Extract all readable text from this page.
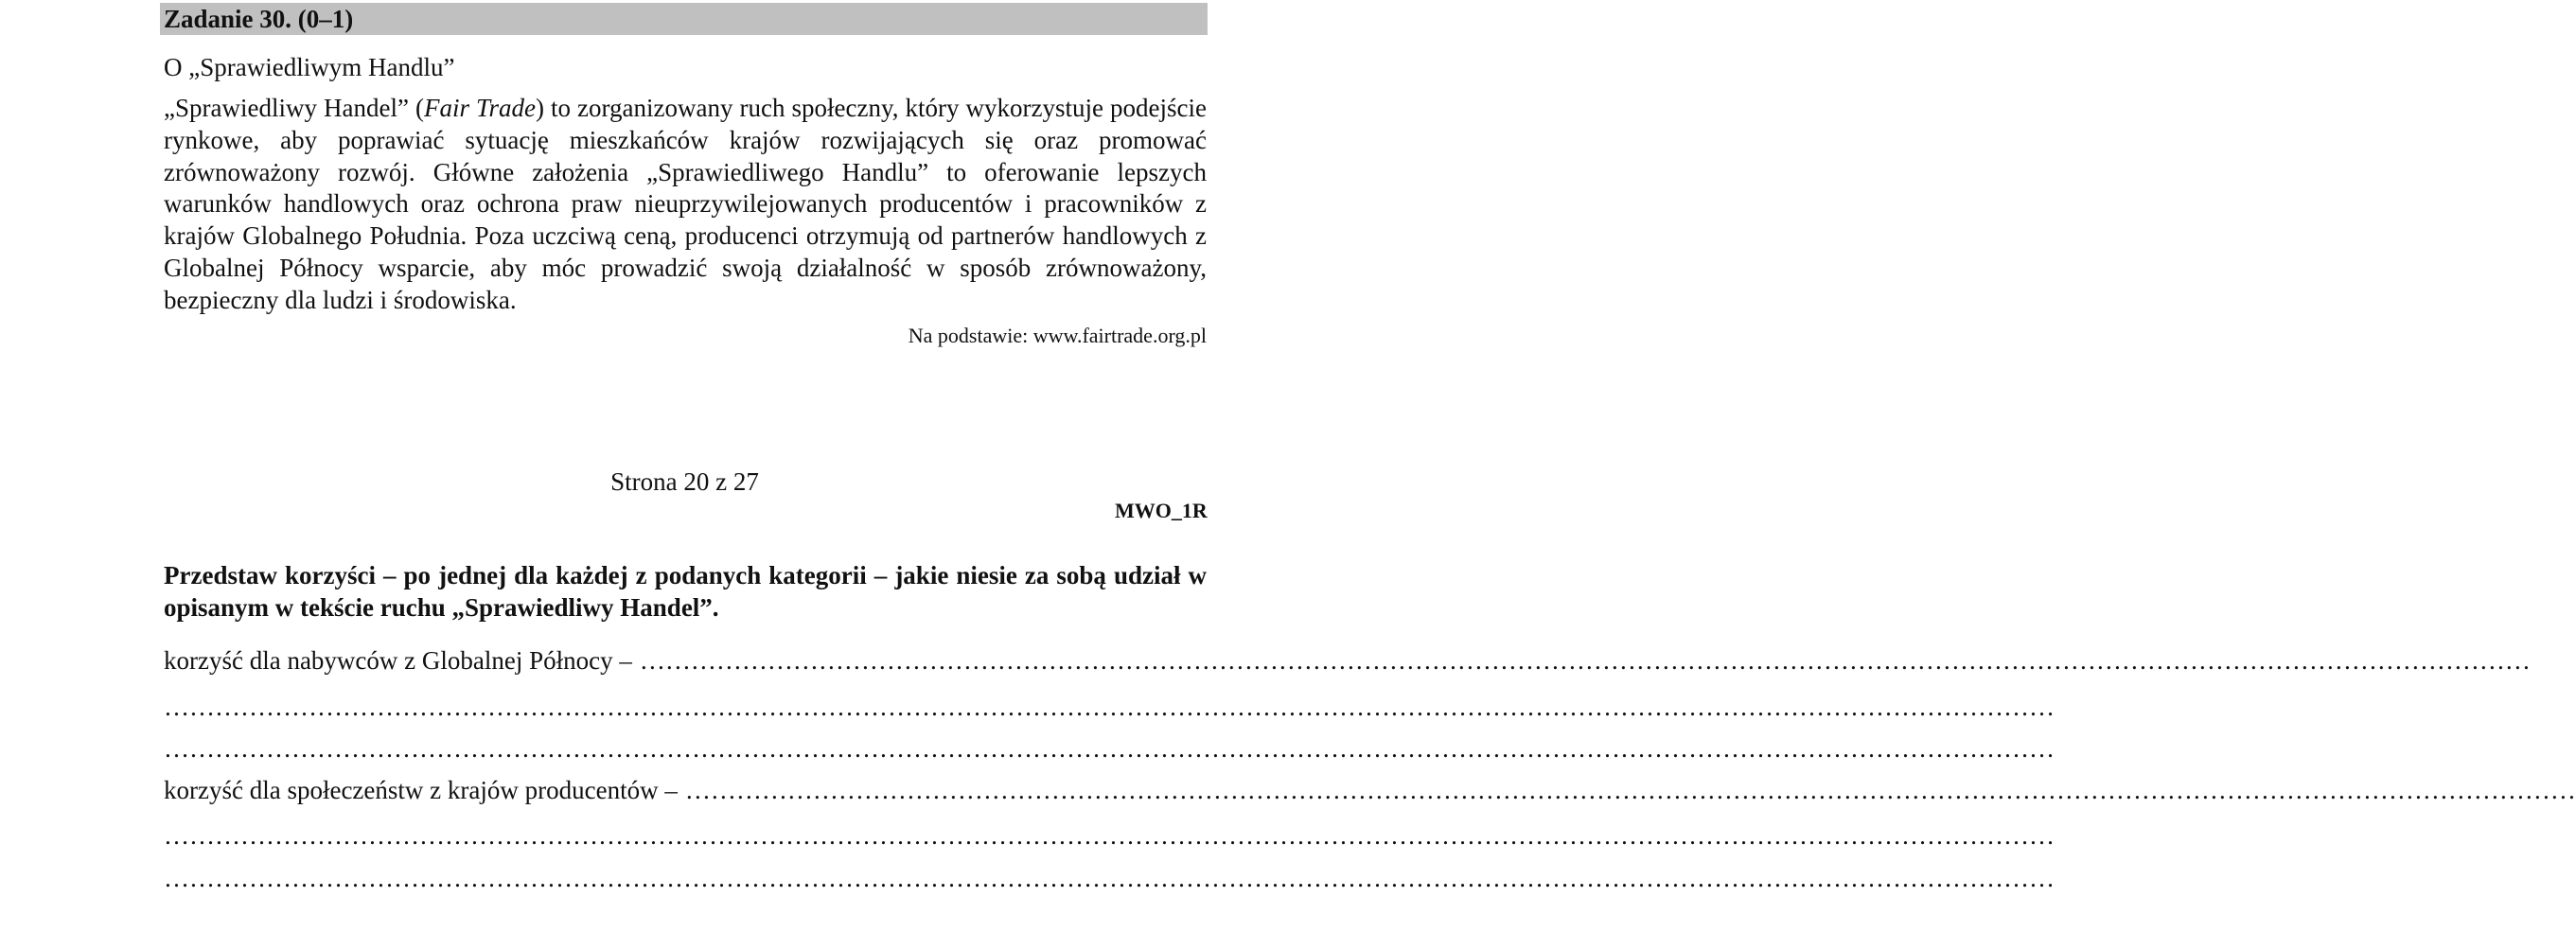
Zadanie 30. (0–1)
O „Sprawiedliwym Handlu”
„Sprawiedliwy Handel” (Fair Trade) to zorganizowany ruch społeczny, który wykorzystuje podejście rynkowe, aby poprawiać sytuację mieszkańców krajów rozwijających się oraz promować zrównoważony rozwój. Główne założenia „Sprawiedliwego Handlu” to oferowanie lepszych warunków handlowych oraz ochrona praw nieuprzywilejowanych producentów i pracowników z krajów Globalnego Południa. Poza uczciwą ceną, producenci otrzymują od partnerów handlowych z Globalnej Północy wsparcie, aby móc prowadzić swoją działalność w sposób zrównoważony, bezpieczny dla ludzi i środowiska.
Na podstawie: www.fairtrade.org.pl
Strona 20 z 27
MWO_1R
Przedstaw korzyści – po jednej dla każdej z podanych kategorii – jakie niesie za sobą udział w opisanym w tekście ruchu „Sprawiedliwy Handel”.
korzyść dla nabywców z Globalnej Północy – ……………………………………………………………………………………………………………………………………………………………………………………………………
……………………………………………………………………………………………………………………………………………………………………………………………………
……………………………………………………………………………………………………………………………………………………………………………………………………
korzyść dla społeczeństw z krajów producentów – ……………………………………………………………………………………………………………………………………………………………………………………………………
……………………………………………………………………………………………………………………………………………………………………………………………………
……………………………………………………………………………………………………………………………………………………………………………………………………
